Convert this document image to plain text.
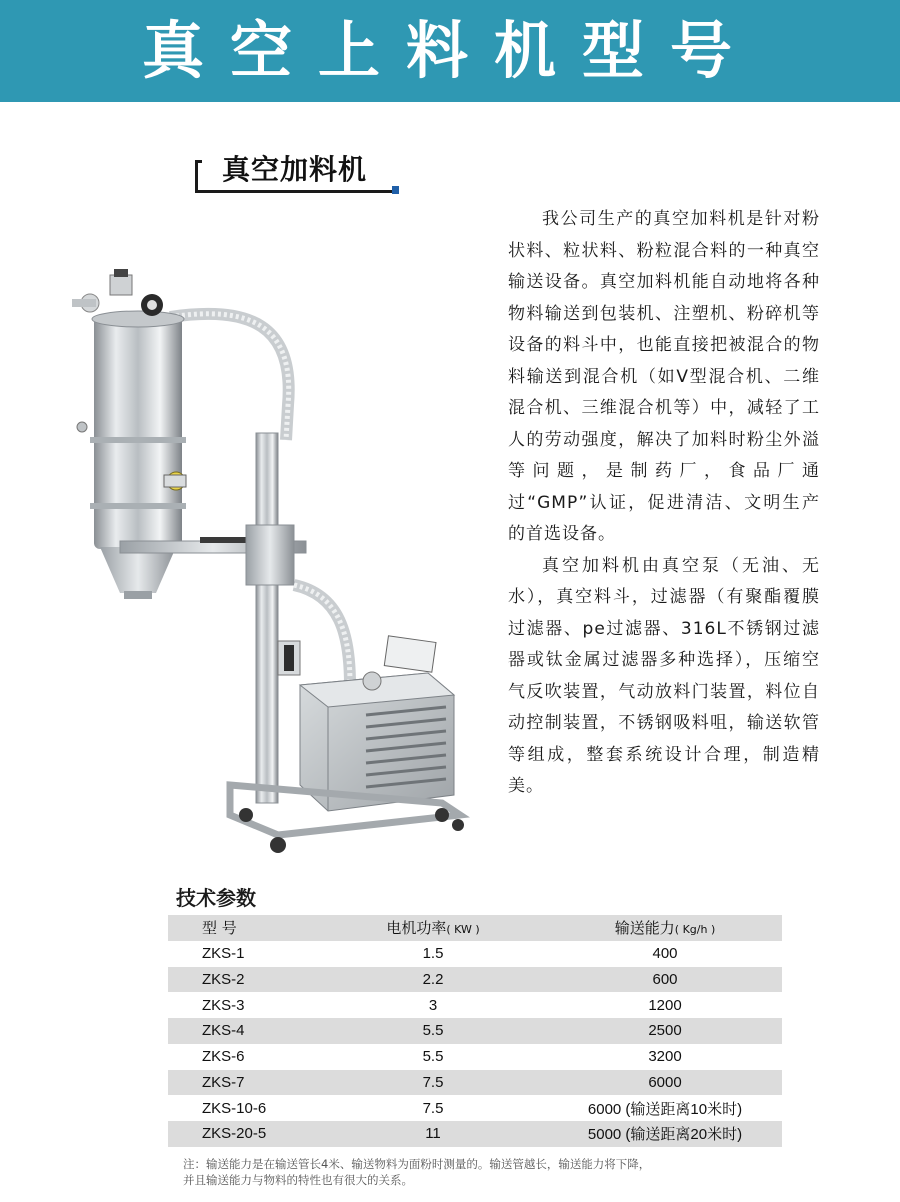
真空上料机型号
真空加料机

我公司生产的真空加料机是针对粉状料、粒状料、粉粒混合料的一种真空输送设备。真空加料机能自动地将各种物料输送到包装机、注塑机、粉碎机等设备的料斗中，也能直接把被混合的物料输送到混合机（如V型混合机、二维混合机、三维混合机等）中，减轻了工人的劳动强度，解决了加料时粉尘外溢等问题，是制药厂，食品厂通过“GMP”认证，促进清洁、文明生产的首选设备。

真空加料机由真空泵（无油、无水），真空料斗，过滤器（有聚酯覆膜过滤器、pe过滤器、316L不锈钢过滤器或钛金属过滤器多种选择），压缩空气反吹装置，气动放料门装置，料位自动控制装置，不锈钢吸料咀，输送软管等组成，整套系统设计合理，制造精美。

技术参数
型 号	电机功率( KW )	输送能力( Kg/h )
ZKS-1	1.5	400
ZKS-2	2.2	600
ZKS-3	3	1200
ZKS-4	5.5	2500
ZKS-6	5.5	3200
ZKS-7	7.5	6000
ZKS-10-6	7.5	6000 (输送距离10米时)
ZKS-20-5	11	5000 (输送距离20米时)
注：输送能力是在输送管长4米、输送物料为面粉时测量的。输送管越长，输送能力将下降，
并且输送能力与物料的特性也有很大的关系。
